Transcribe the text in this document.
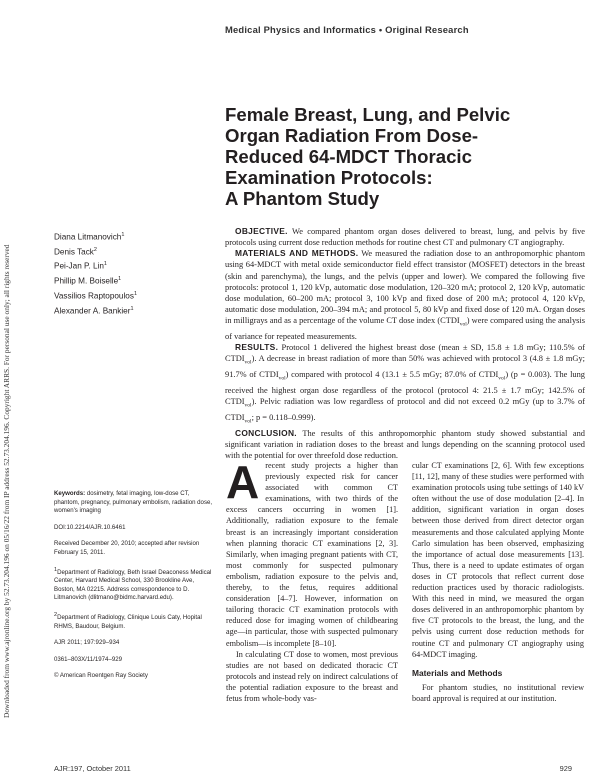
Downloaded from www.ajronline.org by 52.73.204.196 on 05/16/22 from IP address 52.73.204.196. Copyright ARRS. For personal use only; all rights reserved
Medical Physics and Informatics • Original Research
Female Breast, Lung, and Pelvic
Organ Radiation From Dose-
Reduced 64-MDCT Thoracic
Examination Protocols:
A Phantom Study
Diana Litmanovich$^1$
Denis Tack$^2$
Pei-Jan P. Lin$^1$
Phillip M. Boiselle$^1$
Vassilios Raptopoulos$^1$
Alexander A. Bankier$^1$

OBJECTIVE. We compared phantom organ doses delivered to breast, lung, and pelvis by five protocols using current dose reduction methods for routine chest CT and pulmonary CT angiography.

MATERIALS AND METHODS. We measured the radiation dose to an anthropomorphic phantom using 64-MDCT with metal oxide semiconductor field effect transistor (MOSFET) detectors in the breast (skin and parenchyma), the lungs, and the pelvis (upper and lower). We compared the following five protocols: protocol 1, 120 kVp, automatic dose modulation, 120–320 mA; protocol 2, 120 kVp, automatic dose modulation, 60–200 mA; protocol 3, 100 kVp and fixed dose of 200 mA; protocol 4, 120 kVp, automatic dose modulation, 200–394 mA; and protocol 5, 80 kVp and fixed dose of 120 mA. Organ doses in milligrays and as a percentage of the volume CT dose index $(CTDI_{vol})$ were compared using the analysis of variance for repeated measurements.

RESULTS. Protocol 1 delivered the highest breast dose (mean ± SD, 15.8 ± 1.8 mGy; 110.5% of $CTDI_{vol}$). A decrease in breast radiation of more than 50% was achieved with protocol 3 (4.8 ± 1.8 mGy; 91.7% of $CTDI_{vol}$) compared with protocol 4 (13.1 ± 5.5 mGy; 87.0% of $CTDI_{vol}$) (p = 0.003). The lung received the highest organ dose regardless of the protocol (protocol 4: 21.5 ± 1.7 mGy; 142.5% of $CTDI_{vol}$). Pelvic radiation was low regardless of protocol and did not exceed 0.2 mGy (up to 3.7% of $CTDI_{vol}$; p = 0.118–0.999).

CONCLUSION. The results of this anthropomorphic phantom study showed substantial and significant variation in radiation doses to the breast and lungs depending on the scanning protocol used with the potential for over threefold dose reduction.

Keywords: dosimetry, fetal imaging, low-dose CT, phantom, pregnancy, pulmonary embolism, radiation dose, women's imaging

DOI:10.2214/AJR.10.6461

Received December 20, 2010; accepted after revision February 15, 2011.

$^1$Department of Radiology, Beth Israel Deaconess Medical Center, Harvard Medical School, 330 Brookline Ave, Boston, MA 02215. Address correspondence to D. Litmanovich (dlitmano@bidmc.harvard.edu).

$^2$Department of Radiology, Clinique Louis Caty, Hopital RHMS, Baudour, Belgium.

AJR 2011; 197:929–934

0361–803X/11/1974–929

© American Roentgen Ray Society

Arecent study projects a higher than previously expected risk for cancer associated with common CT examinations, with two thirds of the excess cancers occurring in women [1]. Additionally, radiation exposure to the female breast is an increasingly important consideration when planning thoracic CT examinations [2, 3]. Similarly, when imaging pregnant patients with CT, most commonly for suspected pulmonary embolism, radiation exposure to the pelvis and, thereby, to the fetus, requires additional consideration [4–7]. However, information on tailoring thoracic CT examination protocols with reduced dose for imaging women of childbearing age—in particular, those with suspected pulmonary embolism—is incomplete [8–10].

In calculating CT dose to women, most previous studies are not based on dedicated thoracic CT protocols and instead rely on indirect calculations of the potential radiation exposure to the breast and fetus from whole-body vas-

cular CT examinations [2, 6]. With few exceptions [11, 12], many of these studies were performed with examination protocols using tube settings of 140 kV often without the use of dose modulation [2–4]. In addition, significant variation in organ doses between those derived from direct detector organ measurements and those calculated applying Monte Carlo simulation has been observed, emphasizing the importance of actual dose measurements [13]. Thus, there is a need to update estimates of organ doses in CT protocols that reflect current dose reduction practices used by thoracic radiologists. With this need in mind, we measured the organ doses delivered in an anthropomorphic phantom by five CT protocols to the breast, the lung, and the pelvis using current dose reduction methods for routine CT and pulmonary CT angiography using 64-MDCT imaging.

Materials and Methods

For phantom studies, no institutional review board approval is required at our institution.

AJR:197, October 2011	929
